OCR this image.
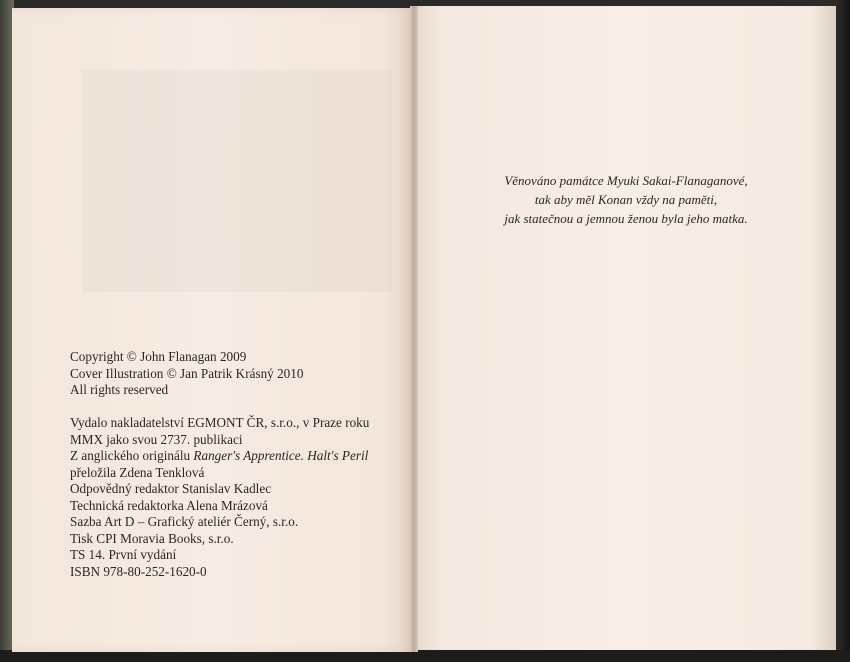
Copyright © John Flanagan 2009
Cover Illustration © Jan Patrik Krásný 2010
All rights reserved
Vydalo nakladatelství EGMONT ČR, s.r.o., v Praze roku
MMX jako svou 2737. publikaci
Z anglického originálu Ranger's Apprentice. Halt's Peril
přeložila Zdena Tenklová
Odpovědný redaktor Stanislav Kadlec
Technická redaktorka Alena Mrázová
Sazba Art D – Grafický ateliér Černý, s.r.o.
Tisk CPI Moravia Books, s.r.o.
TS 14. První vydání
ISBN 978-80-252-1620-0
Věnováno památce Myuki Sakai-Flanaganové,
tak aby měl Konan vždy na paměti,
jak statečnou a jemnou ženou byla jeho matka.
